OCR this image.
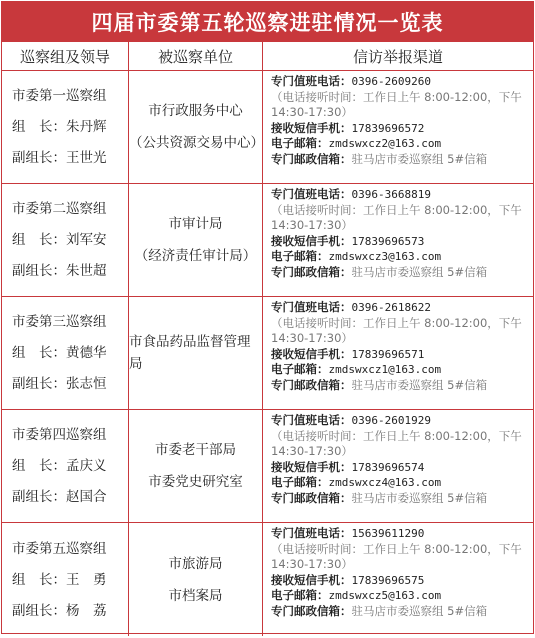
四届市委第五轮巡察进驻情况一览表
巡察组及领导	被巡察单位	信访举报渠道
市委第一巡察组
组　长：朱丹辉
副组长：王世光
市行政服务中心
（公共资源交易中心）
专门值班电话：0396-2609260
（电话接听时间：工作日上午 8:00-12:00，下午 14:30-17:30）
接收短信手机：17839696572
电子邮箱：zmdswxcz2@163.com
专门邮政信箱：驻马店市委巡察组 5#信箱
市委第二巡察组
组　长：刘军安
副组长：朱世超
市审计局
（经济责任审计局）
专门值班电话：0396-3668819
（电话接听时间：工作日上午 8:00-12:00，下午 14:30-17:30）
接收短信手机：17839696573
电子邮箱：zmdswxcz3@163.com
专门邮政信箱：驻马店市委巡察组 5#信箱
市委第三巡察组
组　长：黄德华
副组长：张志恒
市食品药品监督管理局
专门值班电话：0396-2618622
（电话接听时间：工作日上午 8:00-12:00，下午 14:30-17:30）
接收短信手机：17839696571
电子邮箱：zmdswxcz1@163.com
专门邮政信箱：驻马店市委巡察组 5#信箱
市委第四巡察组
组　长：孟庆义
副组长：赵国合
市委老干部局
市委党史研究室
专门值班电话：0396-2601929
（电话接听时间：工作日上午 8:00-12:00，下午 14:30-17:30）
接收短信手机：17839696574
电子邮箱：zmdswxcz4@163.com
专门邮政信箱：驻马店市委巡察组 5#信箱
市委第五巡察组
组　长：王　勇
副组长：杨　荔
市旅游局
市档案局
专门值班电话：15639611290
（电话接听时间：工作日上午 8:00-12:00，下午 14:30-17:30）
接收短信手机：17839696575
电子邮箱：zmdswxcz5@163.com
专门邮政信箱：驻马店市委巡察组 5#信箱
